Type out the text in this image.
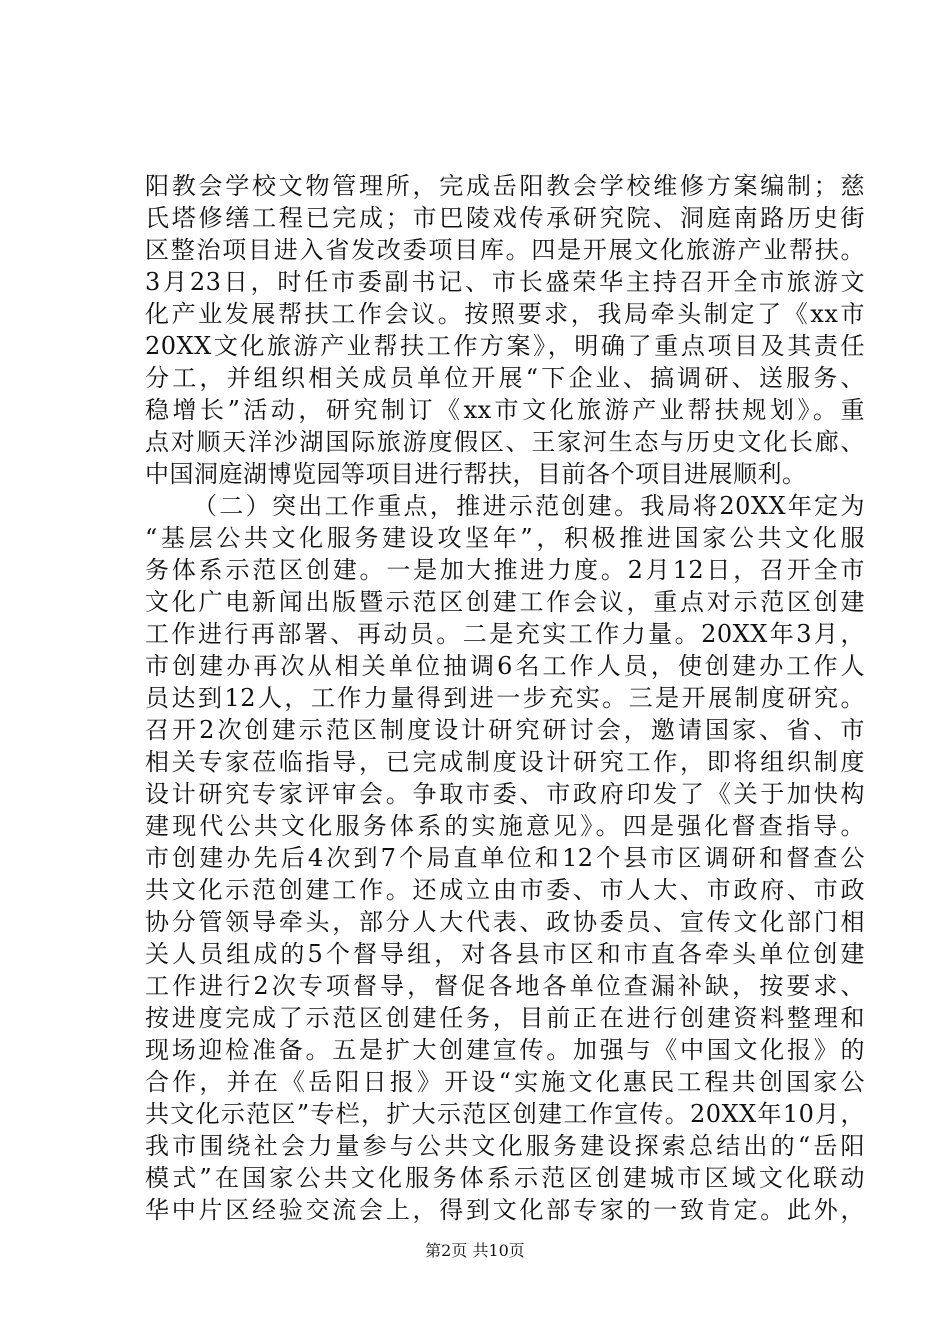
阳教会学校文物管理所，完成岳阳教会学校维修方案编制；慈
氏塔修缮工程已完成；市巴陵戏传承研究院、洞庭南路历史街
区整治项目进入省发改委项目库。四是开展文化旅游产业帮扶。
3月23日，时任市委副书记、市长盛荣华主持召开全市旅游文
化产业发展帮扶工作会议。按照要求，我局牵头制定了《xx市
20XX文化旅游产业帮扶工作方案》，明确了重点项目及其责任
分工，并组织相关成员单位开展“下企业、搞调研、送服务、
稳增长”活动，研究制订《xx市文化旅游产业帮扶规划》。重
点对顺天洋沙湖国际旅游度假区、王家河生态与历史文化长廊、
中国洞庭湖博览园等项目进行帮扶，目前各个项目进展顺利。
（二）突出工作重点，推进示范创建。我局将20XX年定为
“基层公共文化服务建设攻坚年”，积极推进国家公共文化服
务体系示范区创建。一是加大推进力度。2月12日，召开全市
文化广电新闻出版暨示范区创建工作会议，重点对示范区创建
工作进行再部署、再动员。二是充实工作力量。20XX年3月，
市创建办再次从相关单位抽调6名工作人员，使创建办工作人
员达到12人，工作力量得到进一步充实。三是开展制度研究。
召开2次创建示范区制度设计研究研讨会，邀请国家、省、市
相关专家莅临指导，已完成制度设计研究工作，即将组织制度
设计研究专家评审会。争取市委、市政府印发了《关于加快构
建现代公共文化服务体系的实施意见》。四是强化督查指导。
市创建办先后4次到7个局直单位和12个县市区调研和督查公
共文化示范创建工作。还成立由市委、市人大、市政府、市政
协分管领导牵头，部分人大代表、政协委员、宣传文化部门相
关人员组成的5个督导组，对各县市区和市直各牵头单位创建
工作进行2次专项督导，督促各地各单位查漏补缺，按要求、
按进度完成了示范区创建任务，目前正在进行创建资料整理和
现场迎检准备。五是扩大创建宣传。加强与《中国文化报》的
合作，并在《岳阳日报》开设“实施文化惠民工程共创国家公
共文化示范区”专栏，扩大示范区创建工作宣传。20XX年10月，
我市围绕社会力量参与公共文化服务建设探索总结出的“岳阳
模式”在国家公共文化服务体系示范区创建城市区域文化联动
华中片区经验交流会上，得到文化部专家的一致肯定。此外，
第2页 共10页
